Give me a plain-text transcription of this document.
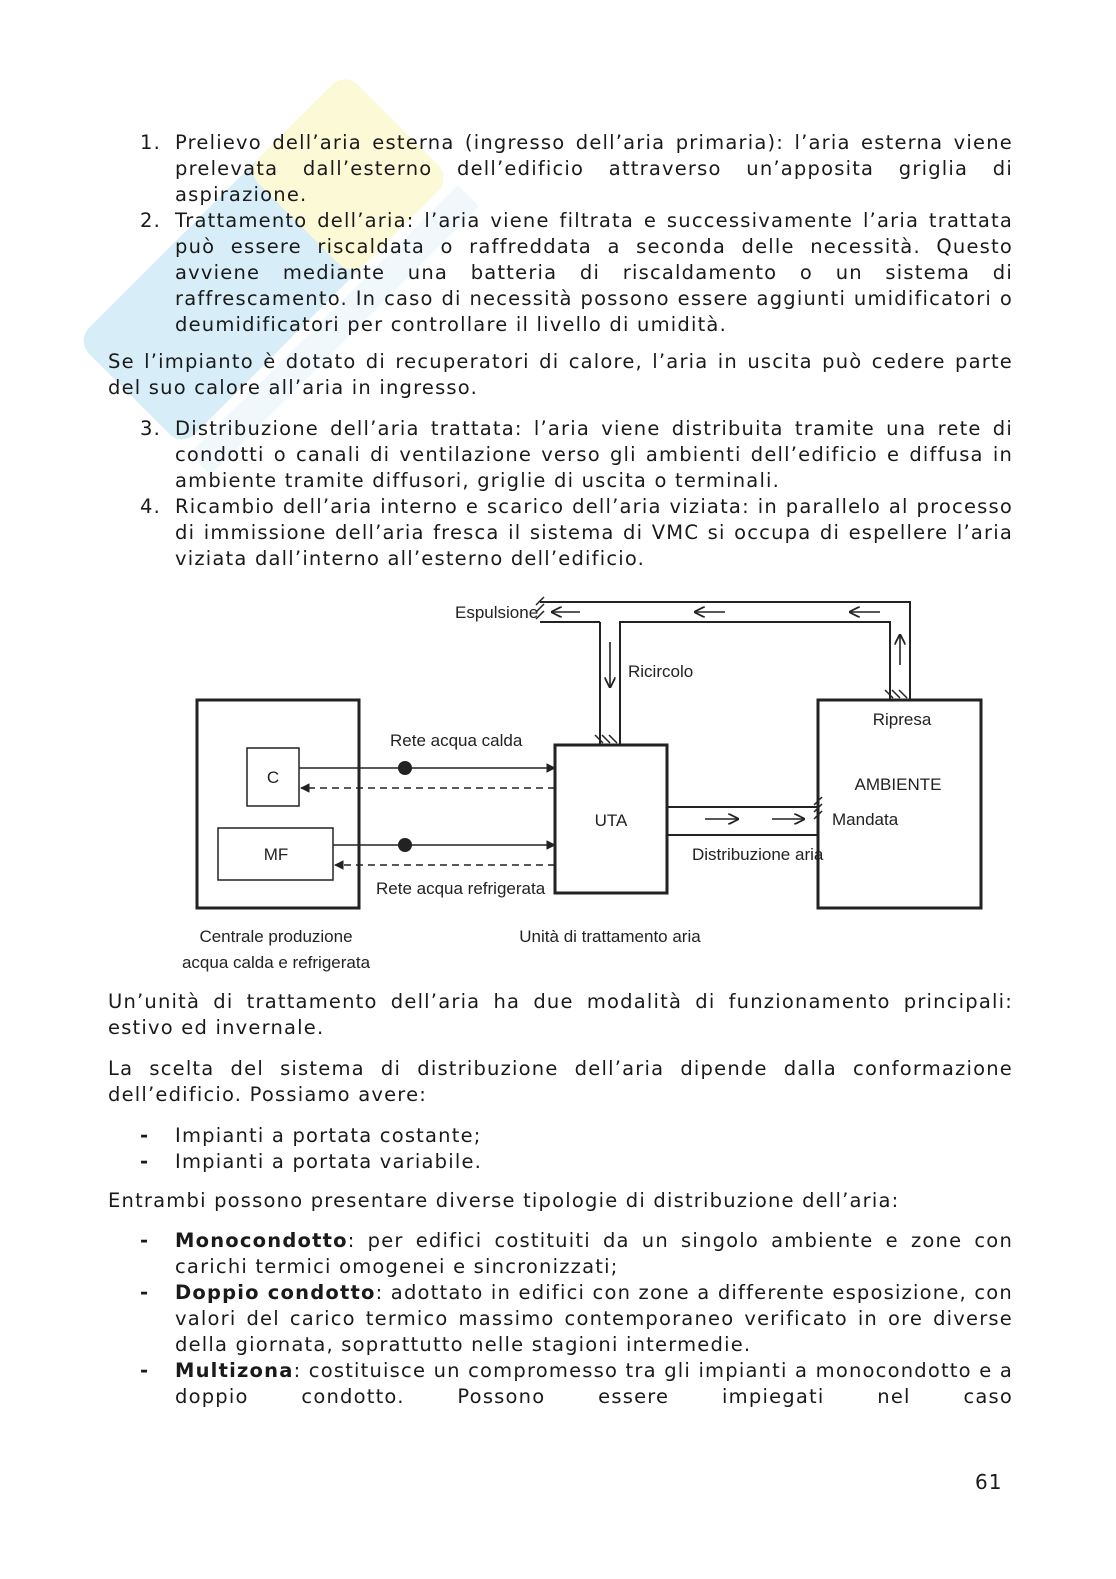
1. Prelievo dell’aria esterna (ingresso dell’aria primaria): l’aria esterna viene prelevata dall’esterno dell’edificio attraverso un’apposita griglia di aspirazione.
2. Trattamento dell’aria: l’aria viene filtrata e successivamente l’aria trattata può essere riscaldata o raffreddata a seconda delle necessità. Questo avviene mediante una batteria di riscaldamento o un sistema di raffrescamento. In caso di necessità possono essere aggiunti umidificatori o deumidificatori per controllare il livello di umidità.
Se l’impianto è dotato di recuperatori di calore, l’aria in uscita può cedere parte del suo calore all’aria in ingresso.
3. Distribuzione dell’aria trattata: l’aria viene distribuita tramite una rete di condotti o canali di ventilazione verso gli ambienti dell’edificio e diffusa in ambiente tramite diffusori, griglie di uscita o terminali.
4. Ricambio dell’aria interno e scarico dell’aria viziata: in parallelo al processo di immissione dell’aria fresca il sistema di VMC si occupa di espellere l’aria viziata dall’interno all’esterno dell’edificio.
C
MF
UTA
AMBIENTE
Ripresa
Mandata
Rete acqua calda
Rete acqua refrigerata
Distribuzione aria
Espulsione
Ricircolo
Centrale produzione
acqua calda e refrigerata
Unità di trattamento aria
Un’unità di trattamento dell’aria ha due modalità di funzionamento principali: estivo ed invernale.
La scelta del sistema di distribuzione dell’aria dipende dalla conformazione dell’edificio. Possiamo avere:
- Impianti a portata costante;
- Impianti a portata variabile.
Entrambi possono presentare diverse tipologie di distribuzione dell’aria:
- Monocondotto: per edifici costituiti da un singolo ambiente e zone con carichi termici omogenei e sincronizzati;
- Doppio condotto: adottato in edifici con zone a differente esposizione, con valori del carico termico massimo contemporaneo verificato in ore diverse della giornata, soprattutto nelle stagioni intermedie.
- Multizona: costituisce un compromesso tra gli impianti a monocondotto e a doppio condotto. Possono essere impiegati nel caso
61
